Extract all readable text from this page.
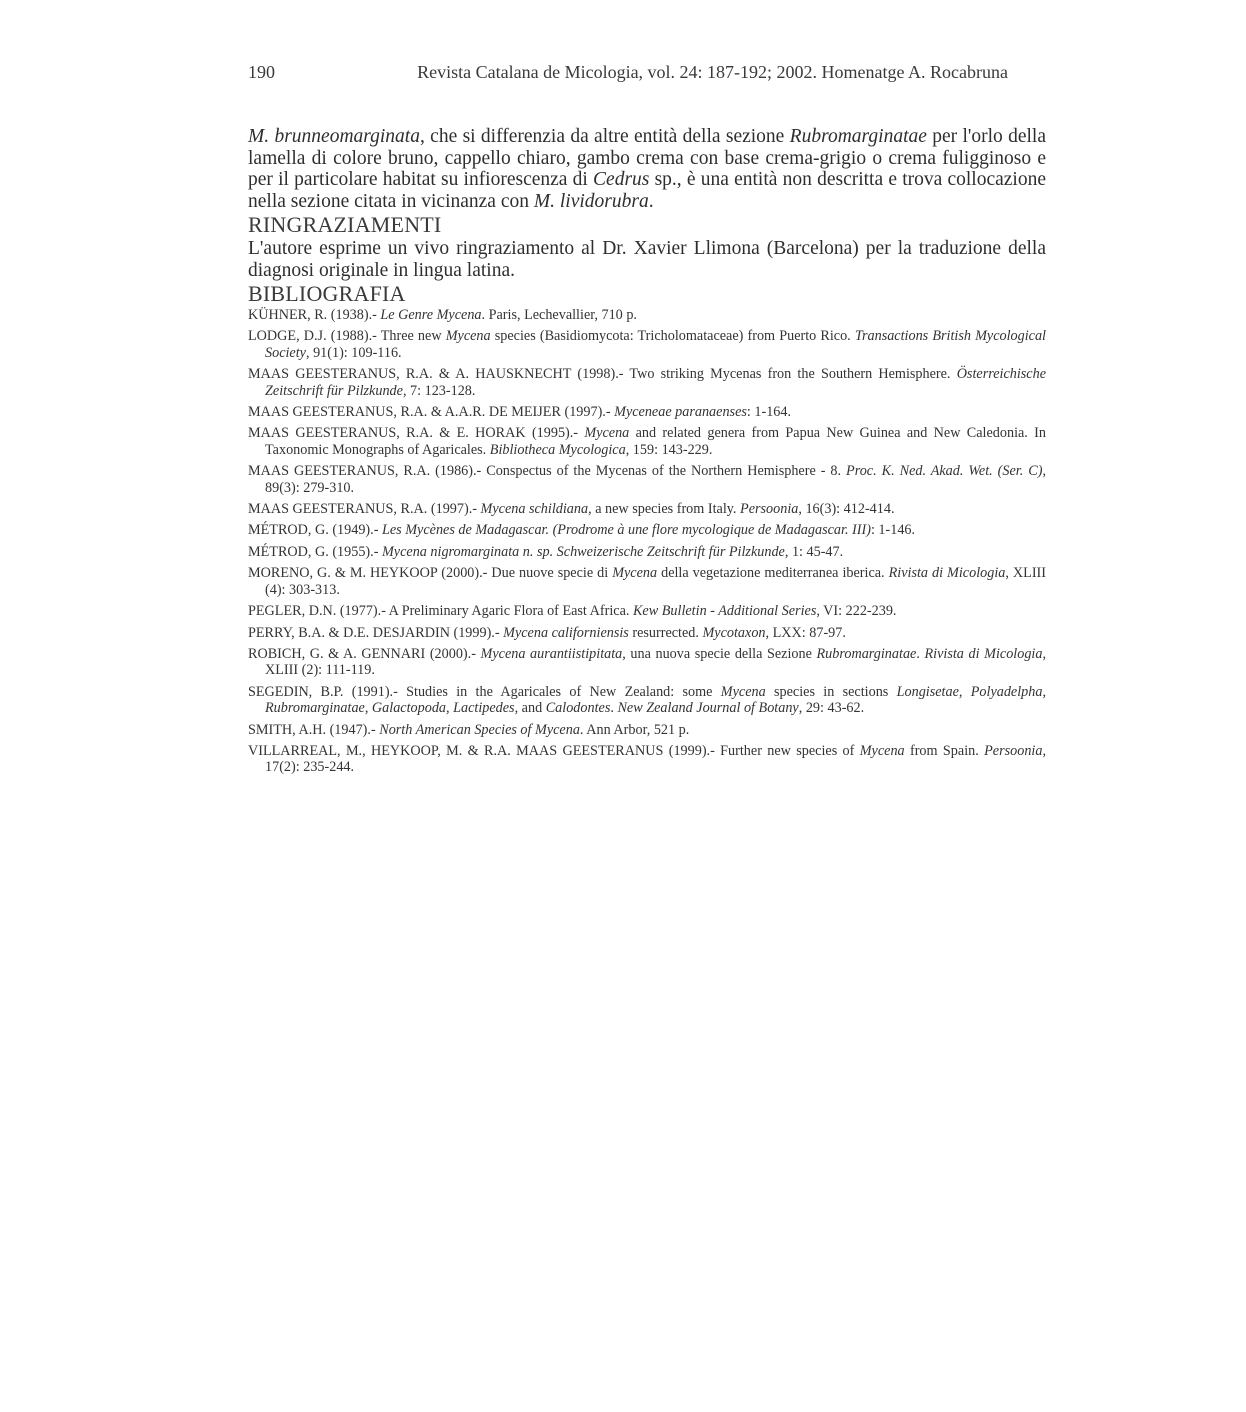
190	Revista Catalana de Micologia, vol. 24: 187-192; 2002. Homenatge A. Rocabruna

M. brunneomarginata, che si differenzia da altre entità della sezione Rubromarginatae per l'orlo della lamella di colore bruno, cappello chiaro, gambo crema con base crema-grigio o crema fuligginoso e per il particolare habitat su infiorescenza di Cedrus sp., è una entità non descritta e trova collocazione nella sezione citata in vicinanza con M. lividorubra.

RINGRAZIAMENTI

L'autore esprime un vivo ringraziamento al Dr. Xavier Llimona (Barcelona) per la traduzione della diagnosi originale in lingua latina.

BIBLIOGRAFIA
KÜHNER, R. (1938).- Le Genre Mycena. Paris, Lechevallier, 710 p.
LODGE, D.J. (1988).- Three new Mycena species (Basidiomycota: Tricholomataceae) from Puerto Rico. Transactions British Mycological Society, 91(1): 109-116.
MAAS GEESTERANUS, R.A. & A. HAUSKNECHT (1998).- Two striking Mycenas fron the Southern Hemisphere. Österreichische Zeitschrift für Pilzkunde, 7: 123-128.
MAAS GEESTERANUS, R.A. & A.A.R. DE MEIJER (1997).- Myceneae paranaenses: 1-164.
MAAS GEESTERANUS, R.A. & E. HORAK (1995).- Mycena and related genera from Papua New Guinea and New Caledonia. In Taxonomic Monographs of Agaricales. Bibliotheca Mycologica, 159: 143-229.
MAAS GEESTERANUS, R.A. (1986).- Conspectus of the Mycenas of the Northern Hemisphere - 8. Proc. K. Ned. Akad. Wet. (Ser. C), 89(3): 279-310.
MAAS GEESTERANUS, R.A. (1997).- Mycena schildiana, a new species from Italy. Persoonia, 16(3): 412-414.
MÉTROD, G. (1949).- Les Mycènes de Madagascar. (Prodrome à une flore mycologique de Madagascar. III): 1-146.
MÉTROD, G. (1955).- Mycena nigromarginata n. sp. Schweizerische Zeitschrift für Pilzkunde, 1: 45-47.
MORENO, G. & M. HEYKOOP (2000).- Due nuove specie di Mycena della vegetazione mediterranea iberica. Rivista di Micologia, XLIII (4): 303-313.
PEGLER, D.N. (1977).- A Preliminary Agaric Flora of East Africa. Kew Bulletin - Additional Series, VI: 222-239.
PERRY, B.A. & D.E. DESJARDIN (1999).- Mycena californiensis resurrected. Mycotaxon, LXX: 87-97.
ROBICH, G. & A. GENNARI (2000).- Mycena aurantiistipitata, una nuova specie della Sezione Rubromarginatae. Rivista di Micologia, XLIII (2): 111-119.
SEGEDIN, B.P. (1991).- Studies in the Agaricales of New Zealand: some Mycena species in sections Longisetae, Polyadelpha, Rubromarginatae, Galactopoda, Lactipedes, and Calodontes. New Zealand Journal of Botany, 29: 43-62.
SMITH, A.H. (1947).- North American Species of Mycena. Ann Arbor, 521 p.
VILLARREAL, M., HEYKOOP, M. & R.A. MAAS GEESTERANUS (1999).- Further new species of Mycena from Spain. Persoonia, 17(2): 235-244.
